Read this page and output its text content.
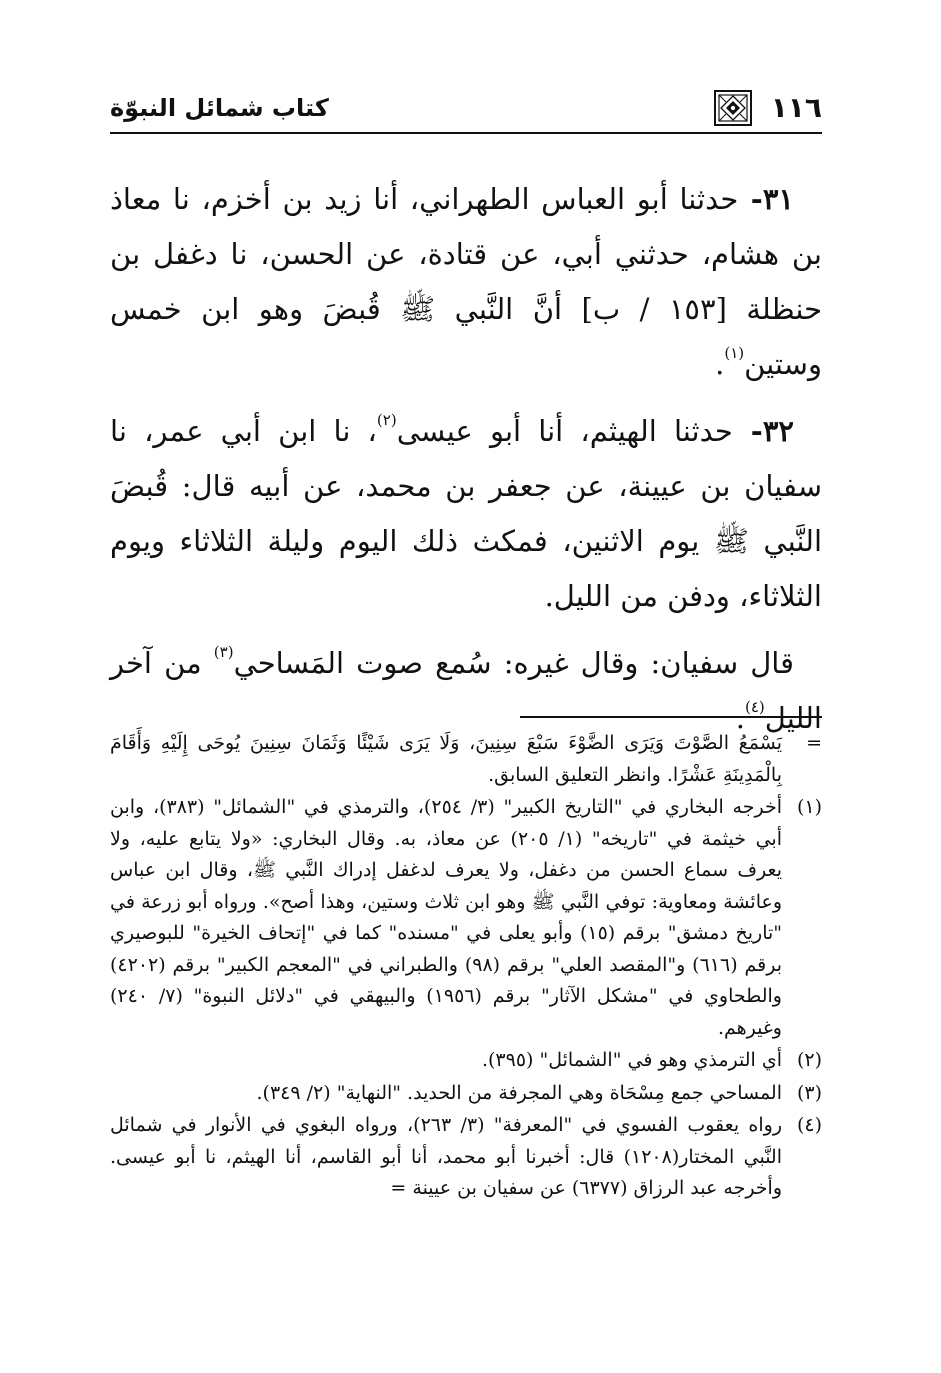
١١٦
كتاب شمائل النبوّة

٣١- حدثنا أبو العباس الطهراني، أنا زيد بن أخزم، نا معاذ بن هشام، حدثني أبي، عن قتادة، عن الحسن، نا دغفل بن حنظلة [١٥٣ / ب] أنَّ النَّبي ﷺ قُبضَ وهو ابن خمس وستين$^{(١)}$.

٣٢- حدثنا الهيثم، أنا أبو عيسى$^{(٢)}$، نا ابن أبي عمر، نا سفيان بن عيينة، عن جعفر بن محمد، عن أبيه قال: قُبضَ النَّبي ﷺ يوم الاثنين، فمكث ذلك اليوم وليلة الثلاثاء ويوم الثلاثاء، ودفن من الليل.

قال سفيان: وقال غيره: سُمع صوت المَساحي$^{(٣)}$ من آخر الليل$^{(٤)}$.

=
يَسْمَعُ الصَّوْتَ وَيَرَى الضَّوْءَ سَبْعَ سِنِينَ، وَلَا يَرَى شَيْئًا وَثَمَانَ سِنِينَ يُوحَى إِلَيْهِ وَأَقَامَ بِالْمَدِينَةِ عَشْرًا. وانظر التعليق السابق.
(١)
أخرجه البخاري في "التاريخ الكبير" (٣/ ٢٥٤)، والترمذي في "الشمائل" (٣٨٣)، وابن أبي خيثمة في "تاريخه" (١/ ٢٠٥) عن معاذ، به. وقال البخاري: «ولا يتابع عليه، ولا يعرف سماع الحسن من دغفل، ولا يعرف لدغفل إدراك النَّبي ﷺ، وقال ابن عباس وعائشة ومعاوية: توفي النَّبي ﷺ وهو ابن ثلاث وستين، وهذا أصح». ورواه أبو زرعة في "تاريخ دمشق" برقم (١٥) وأبو يعلى في "مسنده" كما في "إتحاف الخيرة" للبوصيري برقم (٦١٦) و"المقصد العلي" برقم (٩٨) والطبراني في "المعجم الكبير" برقم (٤٢٠٢) والطحاوي في "مشكل الآثار" برقم (١٩٥٦) والبيهقي في "دلائل النبوة" (٧/ ٢٤٠) وغيرهم.
(٢)
أي الترمذي وهو في "الشمائل" (٣٩٥).
(٣)
المساحي جمع مِسْحَاة وهي المجرفة من الحديد. "النهاية" (٢/ ٣٤٩).
(٤)
رواه يعقوب الفسوي في "المعرفة" (٣/ ٢٦٣)، ورواه البغوي في الأنوار في شمائل النَّبي المختار(١٢٠٨) قال: أخبرنا أبو محمد، أنا أبو القاسم، أنا الهيثم، نا أبو عيسى. وأخرجه عبد الرزاق (٦٣٧٧) عن سفيان بن عيينة =
